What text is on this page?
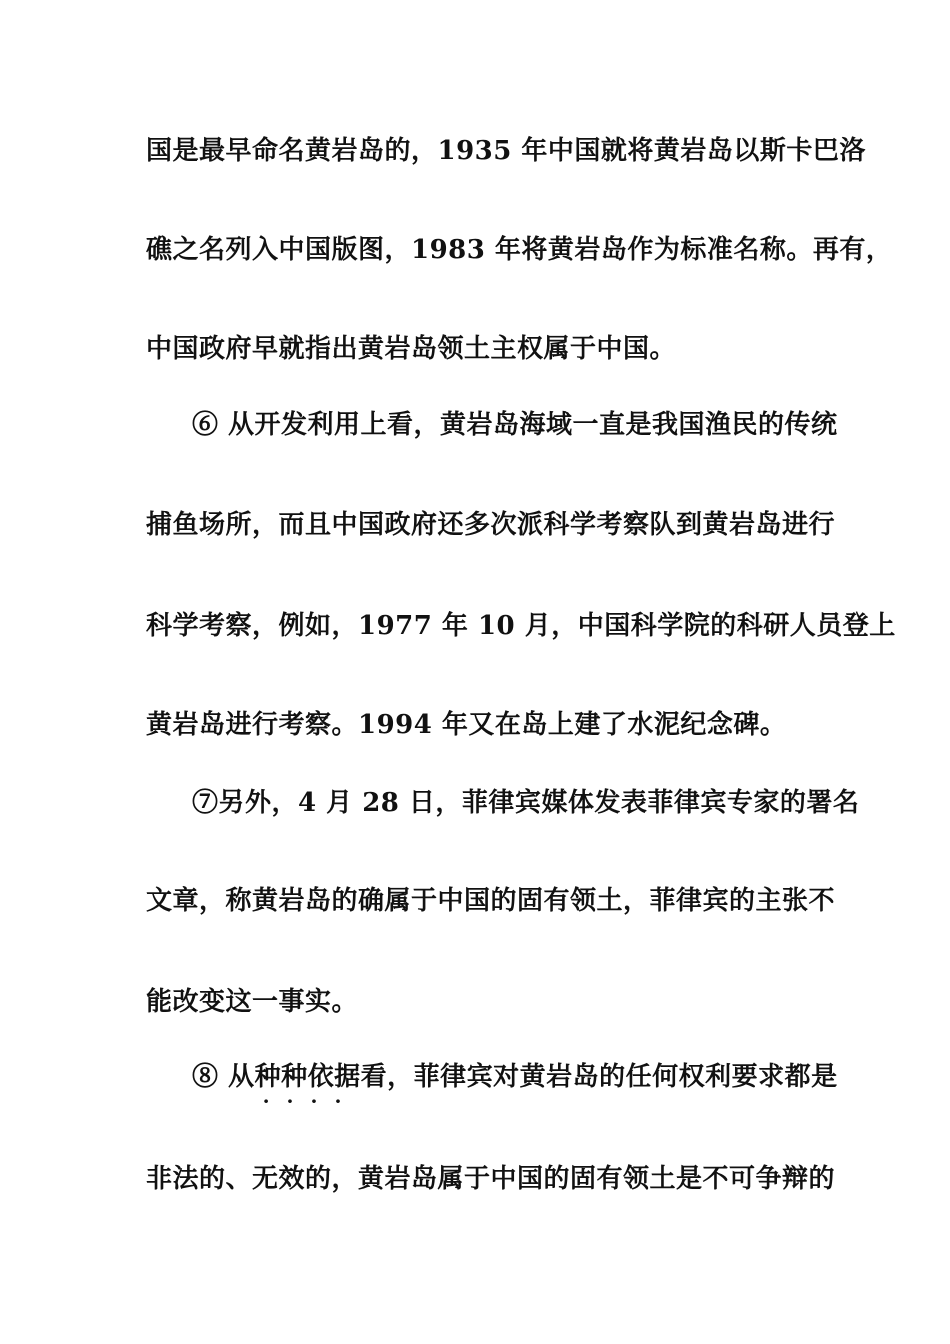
国是最早命名黄岩岛的，1935 年中国就将黄岩岛以斯卡巴洛
礁之名列入中国版图，1983 年将黄岩岛作为标准名称。再有，
中国政府早就指出黄岩岛领土主权属于中国。
⑥ 从开发利用上看，黄岩岛海域一直是我国渔民的传统
捕鱼场所，而且中国政府还多次派科学考察队到黄岩岛进行
科学考察，例如，1977 年 10 月，中国科学院的科研人员登上
黄岩岛进行考察。1994 年又在岛上建了水泥纪念碑。
⑦另外，4 月 28 日，菲律宾媒体发表菲律宾专家的署名
文章，称黄岩岛的确属于中国的固有领土，菲律宾的主张不
能改变这一事实。
⑧ 从种种依据
····
看，菲律宾对黄岩岛的任何权利要求都是
非法的、无效的，黄岩岛属于中国的固有领土是不可争辩的
